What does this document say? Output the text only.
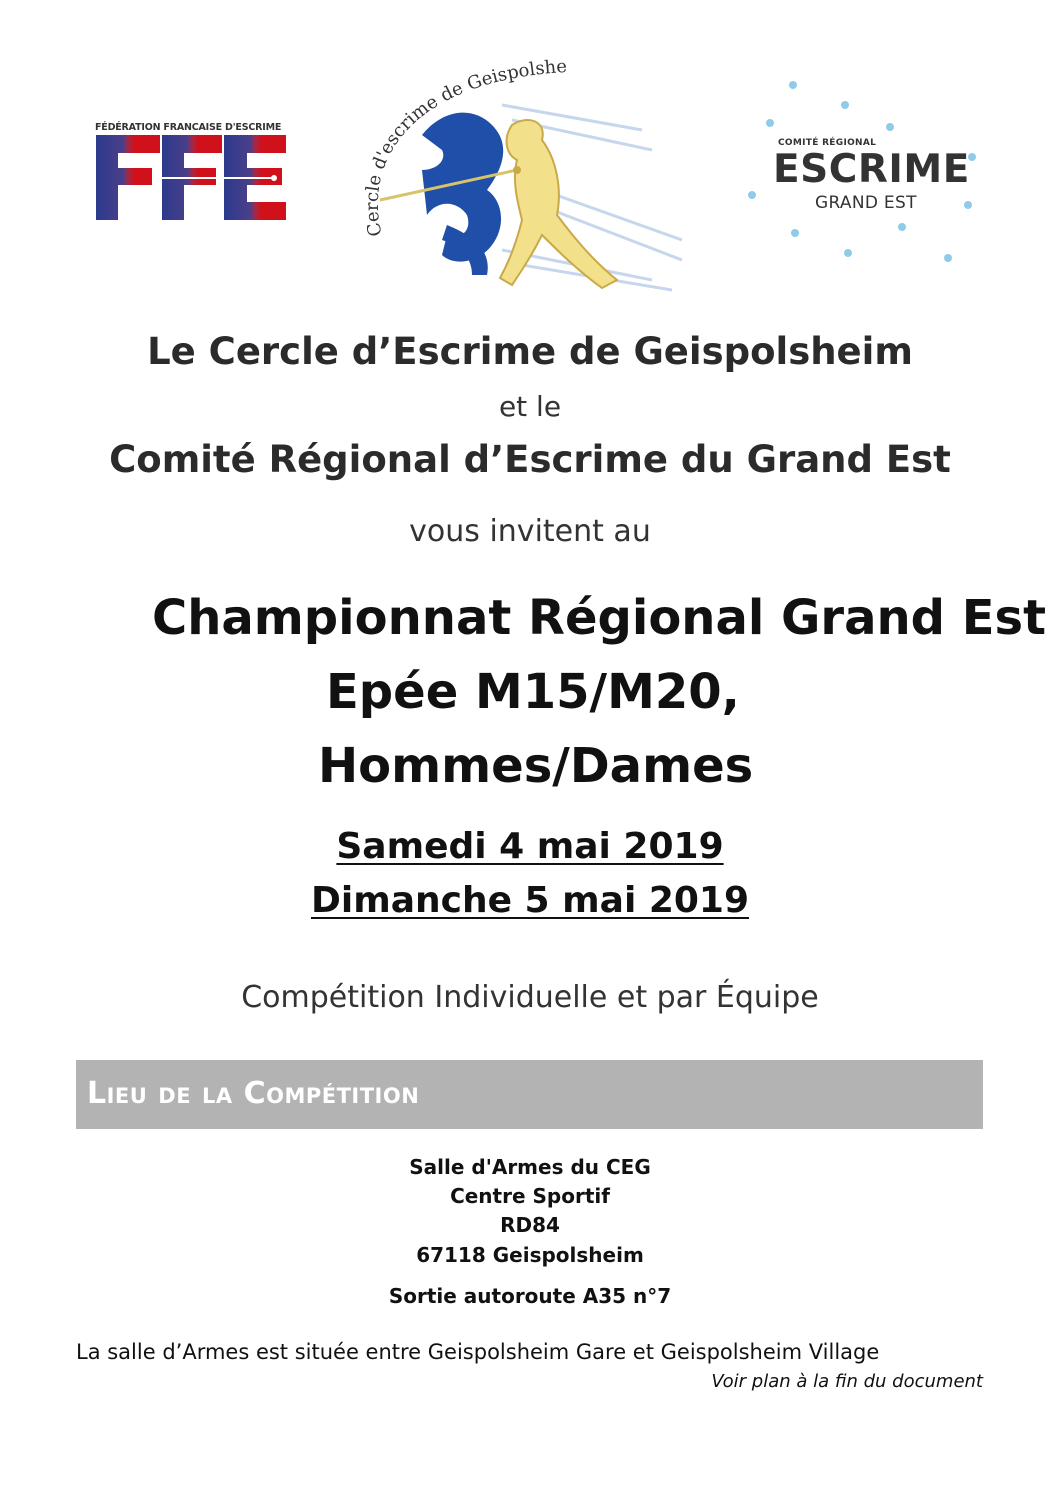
FÉDÉRATION FRANCAISE D'ESCRIME
Cercle d'escrime de Geispolshe
COMITÉ RÉGIONAL
ESCRIME
GRAND EST
Le Cercle d’Escrime de Geispolsheim
et le
Comité Régional d’Escrime du Grand Est
vous invitent au
Championnat Régional Grand Est
Epée M15/M20,
Hommes/Dames
Samedi 4 mai 2019
Dimanche 5 mai 2019
Compétition Individuelle et par Équipe
Lieu de la Compétition
Salle d'Armes du CEG
Centre Sportif
RD84
67118 Geispolsheim
Sortie autoroute A35 n°7
La salle d’Armes est située entre Geispolsheim Gare et Geispolsheim Village
Voir plan à la fin du document
